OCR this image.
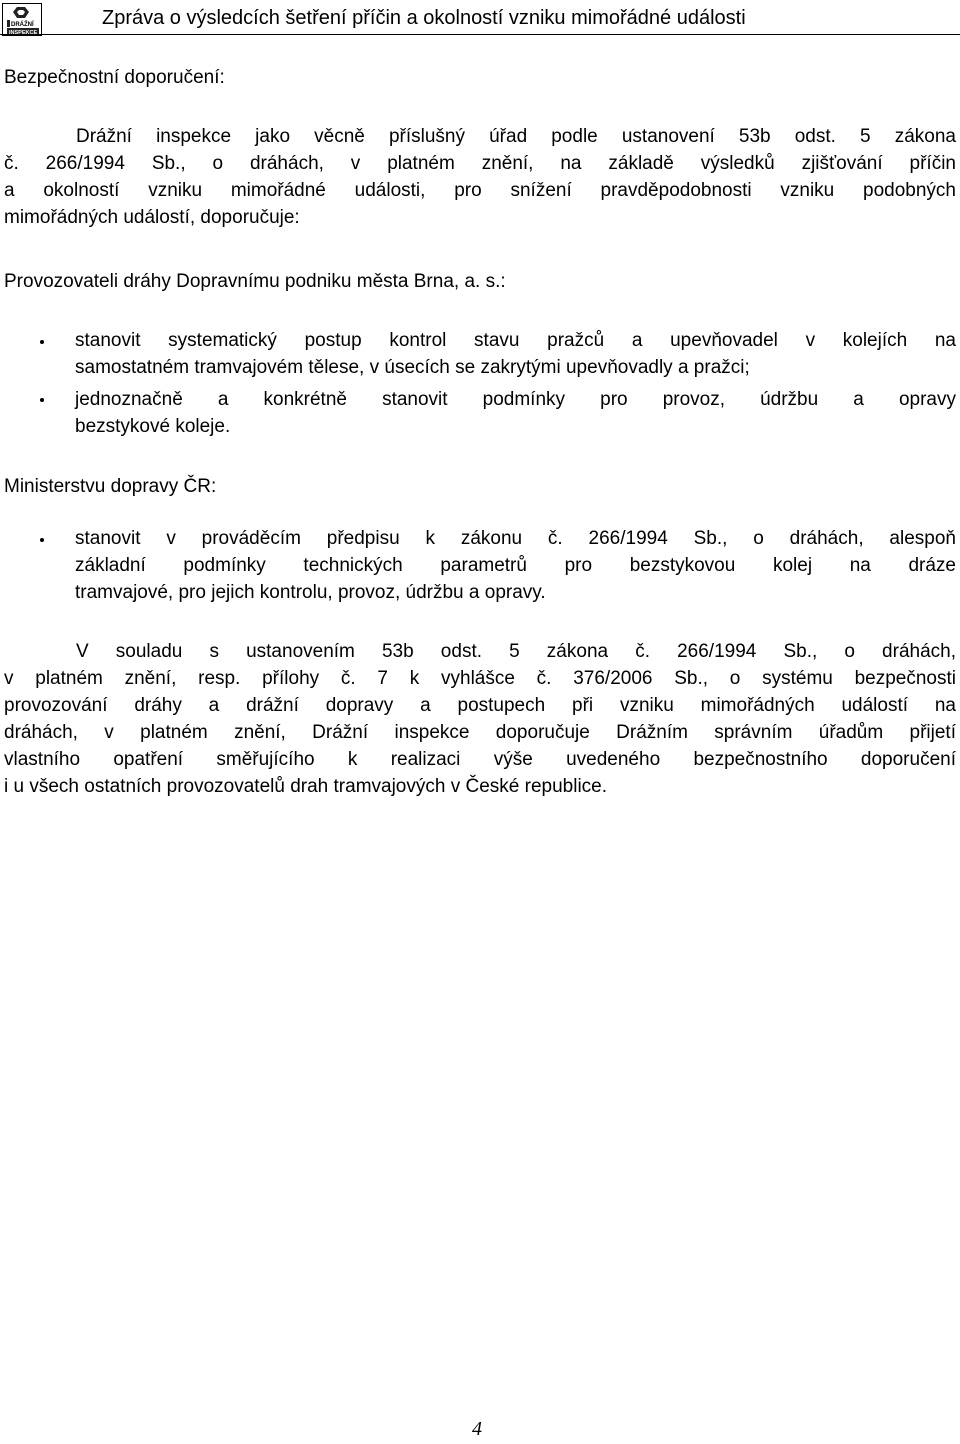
DRÁŽNÍ
INSPEKCE
Zpráva o výsledcích šetření příčin a okolností vzniku mimořádné události
Bezpečnostní doporučení:
Drážní inspekce jako věcně příslušný úřad podle ustanovení 53b odst. 5 zákona
č. 266/1994 Sb., o dráhách, v platném znění, na základě výsledků zjišťování příčin
a okolností vzniku mimořádné události, pro snížení pravděpodobnosti vzniku podobných
mimořádných událostí, doporučuje:
Provozovateli dráhy Dopravnímu podniku města Brna, a. s.:
stanovit systematický postup kontrol stavu pražců a upevňovadel v kolejích na
samostatném tramvajovém tělese, v úsecích se zakrytými upevňovadly a pražci;
jednoznačně a konkrétně stanovit podmínky pro provoz, údržbu a opravy
bezstykové koleje.
Ministerstvu dopravy ČR:
stanovit v prováděcím předpisu k zákonu č. 266/1994 Sb., o dráhách, alespoň
základní podmínky technických parametrů pro bezstykovou kolej na dráze
tramvajové, pro jejich kontrolu, provoz, údržbu a opravy.
V souladu s ustanovením 53b odst. 5 zákona č. 266/1994 Sb., o dráhách,
v platném znění, resp. přílohy č. 7 k vyhlášce č. 376/2006 Sb., o systému bezpečnosti
provozování dráhy a drážní dopravy a postupech při vzniku mimořádných událostí na
dráhách, v platném znění, Drážní inspekce doporučuje Drážním správním úřadům přijetí
vlastního opatření směřujícího k realizaci výše uvedeného bezpečnostního doporučení
i u všech ostatních provozovatelů drah tramvajových v České republice.
4
